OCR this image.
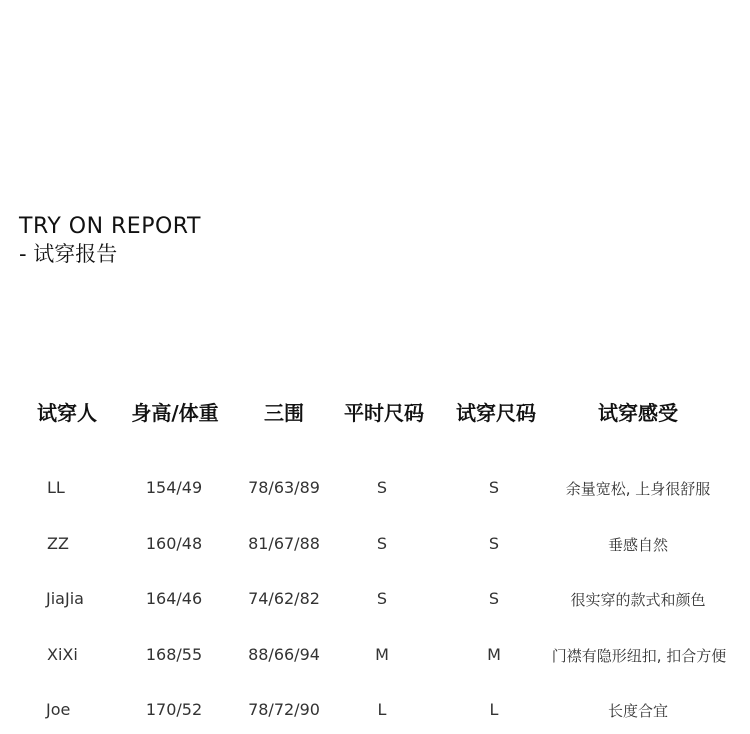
TRY ON REPORT
- 试穿报告
试穿人 身高/体重 三围 平时尺码 试穿尺码	试穿感受
LL	154/49	78/63/89	S	S	余量宽松, 上身很舒服
ZZ	160/48	81/67/88	S	S	垂感自然
JiaJia	164/46	74/62/82	S	S	很实穿的款式和颜色
XiXi	168/55	88/66/94	M	M	门襟有隐形纽扣, 扣合方便
Joe	170/52	78/72/90	L	L	长度合宜
